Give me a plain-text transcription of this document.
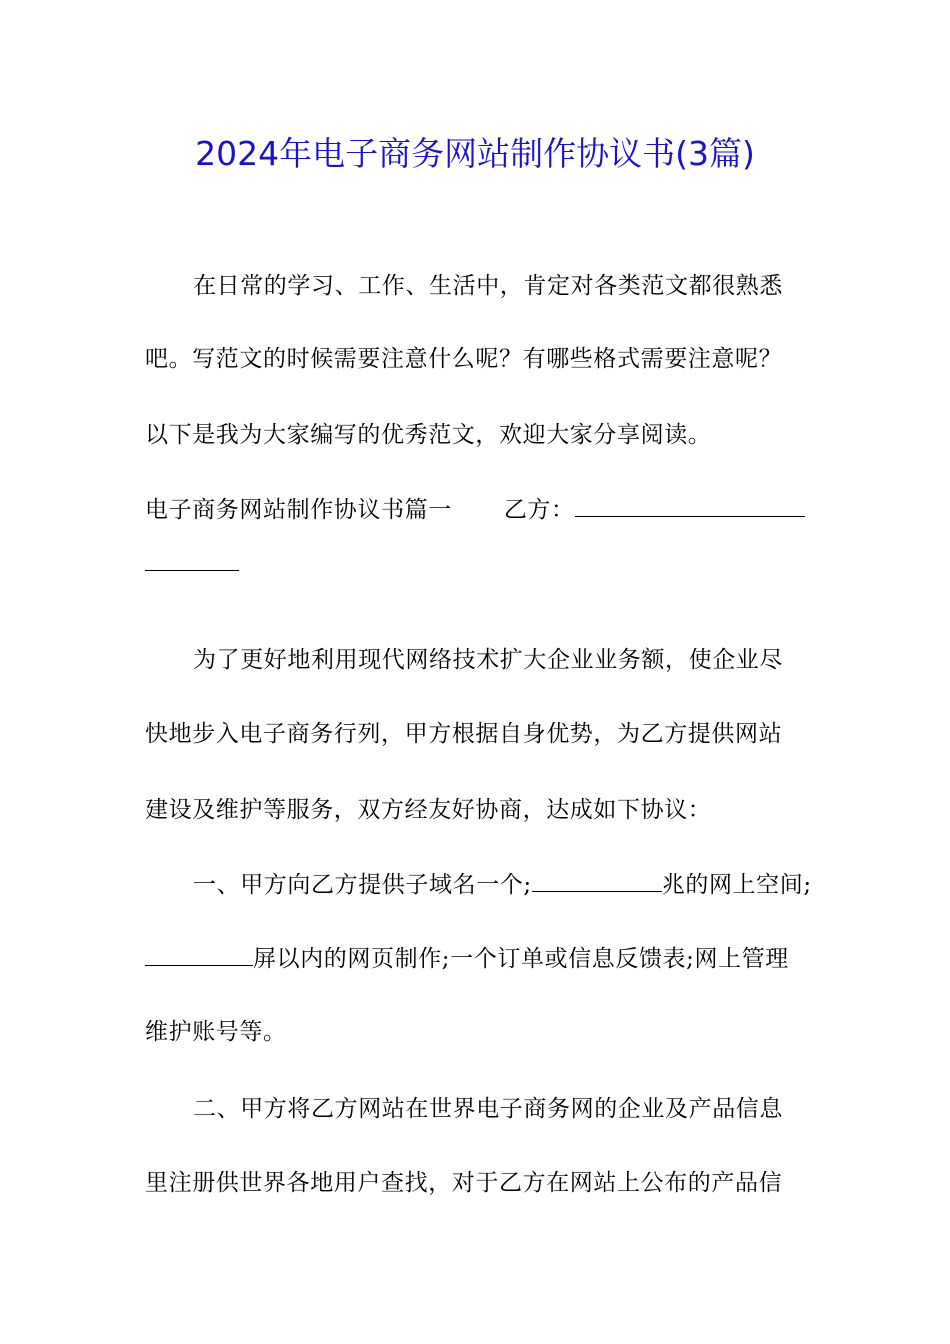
2024年电子商务网站制作协议书(3篇)
在日常的学习、工作、生活中，肯定对各类范文都很熟悉
吧。写范文的时候需要注意什么呢？有哪些格式需要注意呢？
以下是我为大家编写的优秀范文，欢迎大家分享阅读。
电子商务网站制作协议书篇一 乙方：
为了更好地利用现代网络技术扩大企业业务额，使企业尽
快地步入电子商务行列，甲方根据自身优势，为乙方提供网站
建设及维护等服务，双方经友好协商，达成如下协议：
一、甲方向乙方提供子域名一个;	兆的网上空间;
屏以内的网页制作;一个订单或信息反馈表;网上管理
维护账号等。
二、甲方将乙方网站在世界电子商务网的企业及产品信息
里注册供世界各地用户查找，对于乙方在网站上公布的产品信
